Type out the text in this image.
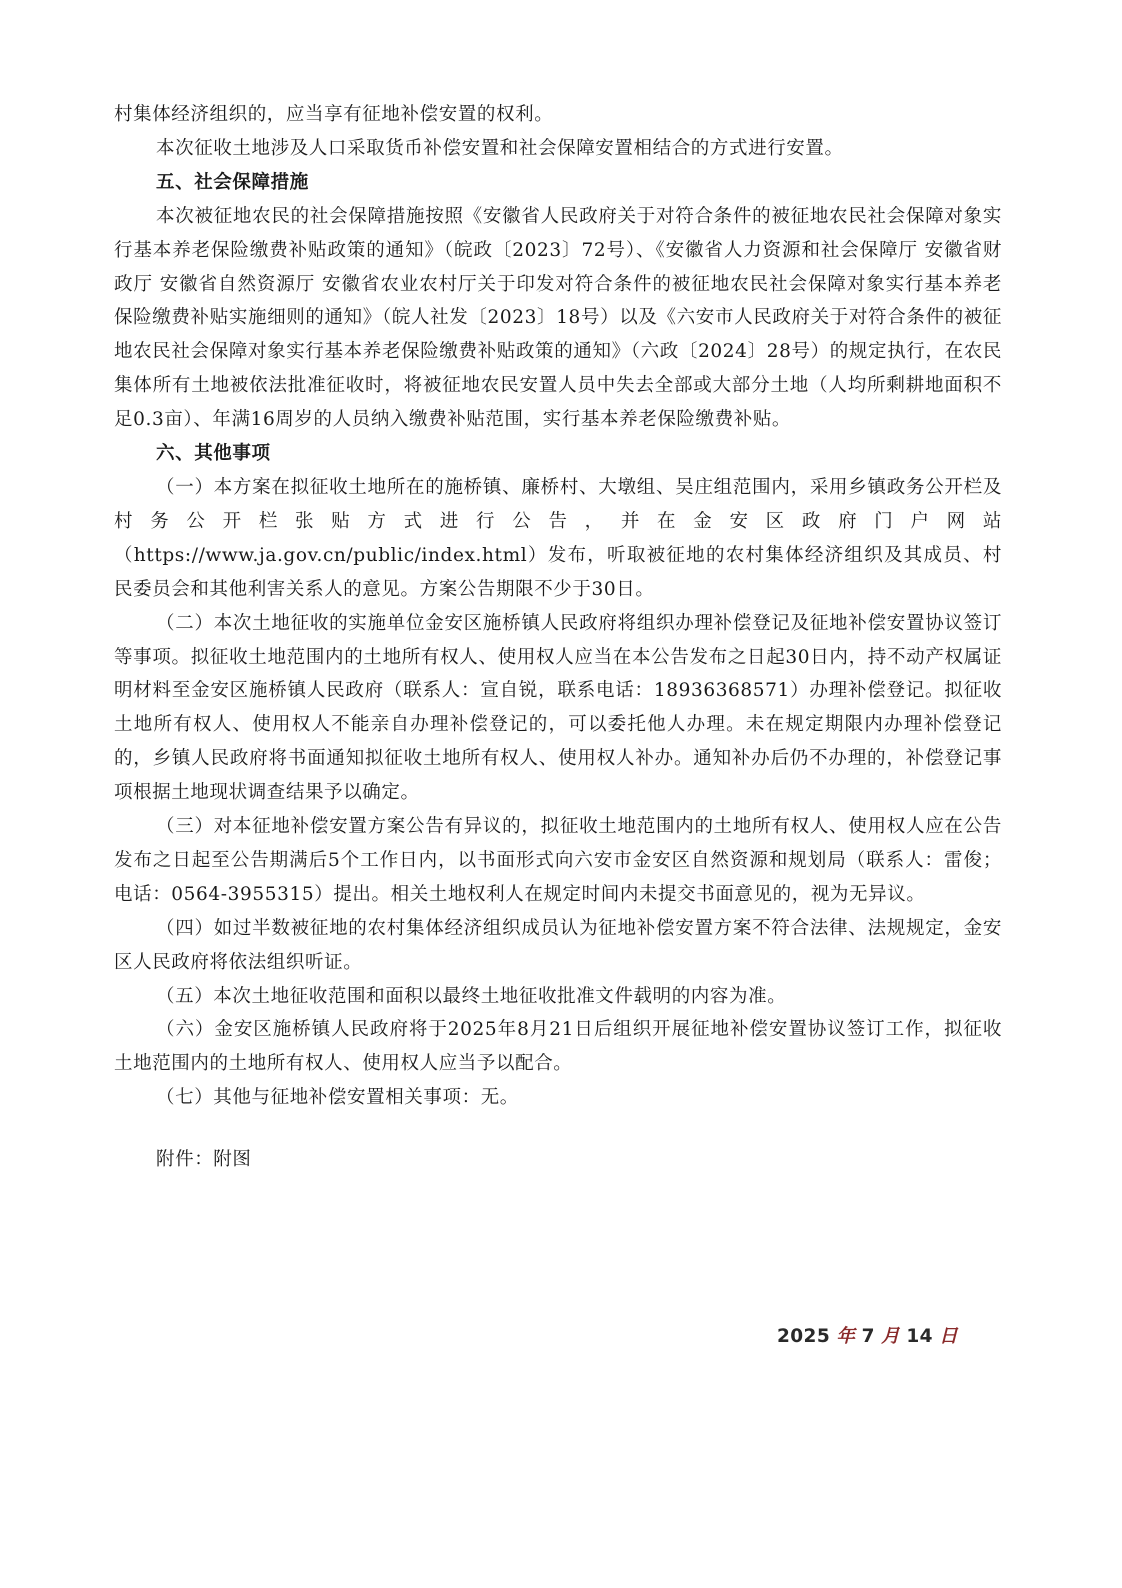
村集体经济组织的，应当享有征地补偿安置的权利。

本次征收土地涉及人口采取货币补偿安置和社会保障安置相结合的方式进行安置。

五、社会保障措施

本次被征地农民的社会保障措施按照《安徽省人民政府关于对符合条件的被征地农民社会保障对象实行基本养老保险缴费补贴政策的通知》（皖政〔2023〕72号）、《安徽省人力资源和社会保障厅 安徽省财政厅 安徽省自然资源厅 安徽省农业农村厅关于印发对符合条件的被征地农民社会保障对象实行基本养老保险缴费补贴实施细则的通知》（皖人社发〔2023〕18号）以及《六安市人民政府关于对符合条件的被征地农民社会保障对象实行基本养老保险缴费补贴政策的通知》（六政〔2024〕28号）的规定执行，在农民集体所有土地被依法批准征收时，将被征地农民安置人员中失去全部或大部分土地（人均所剩耕地面积不足0.3亩）、年满16周岁的人员纳入缴费补贴范围，实行基本养老保险缴费补贴。

六、其他事项

（一）本方案在拟征收土地所在的施桥镇、廉桥村、大墩组、吴庄组范围内，采用乡镇政务公开栏及村务公开栏张贴方式进行公告，并在金安区政府门户网站（https://www.ja.gov.cn/public/index.html）发布，听取被征地的农村集体经济组织及其成员、村民委员会和其他利害关系人的意见。方案公告期限不少于30日。

（二）本次土地征收的实施单位金安区施桥镇人民政府将组织办理补偿登记及征地补偿安置协议签订等事项。拟征收土地范围内的土地所有权人、使用权人应当在本公告发布之日起30日内，持不动产权属证明材料至金安区施桥镇人民政府（联系人：宣自锐，联系电话：18936368571）办理补偿登记。拟征收土地所有权人、使用权人不能亲自办理补偿登记的，可以委托他人办理。未在规定期限内办理补偿登记的，乡镇人民政府将书面通知拟征收土地所有权人、使用权人补办。通知补办后仍不办理的，补偿登记事项根据土地现状调查结果予以确定。

（三）对本征地补偿安置方案公告有异议的，拟征收土地范围内的土地所有权人、使用权人应在公告发布之日起至公告期满后5个工作日内，以书面形式向六安市金安区自然资源和规划局（联系人：雷俊；电话：0564-3955315）提出。相关土地权利人在规定时间内未提交书面意见的，视为无异议。

（四）如过半数被征地的农村集体经济组织成员认为征地补偿安置方案不符合法律、法规规定，金安区人民政府将依法组织听证。

（五）本次土地征收范围和面积以最终土地征收批准文件载明的内容为准。

（六）金安区施桥镇人民政府将于2025年8月21日后组织开展征地补偿安置协议签订工作，拟征收土地范围内的土地所有权人、使用权人应当予以配合。

（七）其他与征地补偿安置相关事项：无。

附件：附图

2025 年 7 月 14 日
